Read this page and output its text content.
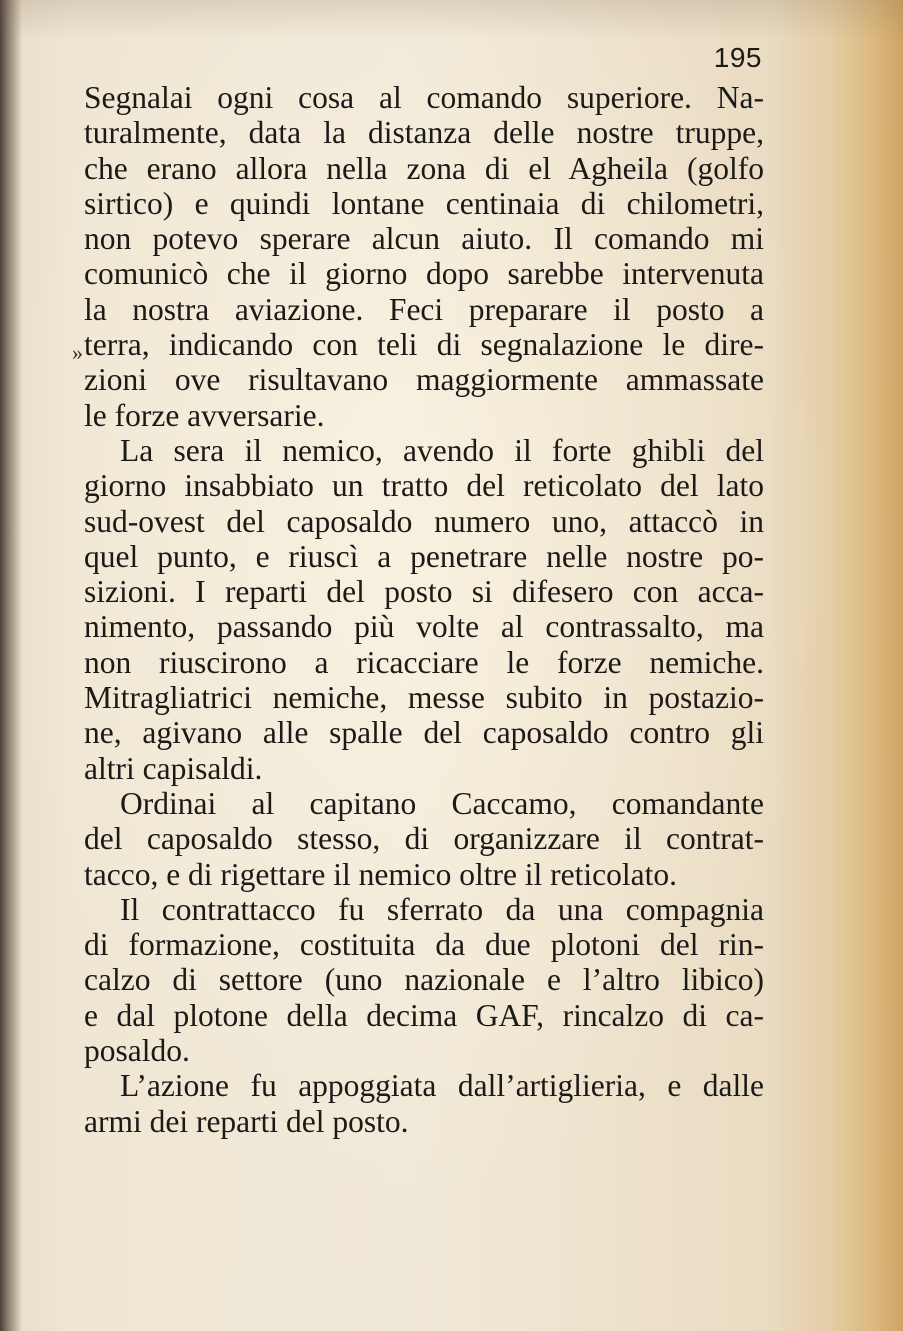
195
»
Segnalai ogni cosa al comando superiore. Na-
turalmente, data la distanza delle nostre truppe,
che erano allora nella zona di el Agheila (golfo
sirtico) e quindi lontane centinaia di chilometri,
non potevo sperare alcun aiuto. Il comando mi
comunicò che il giorno dopo sarebbe intervenuta
la nostra aviazione. Feci preparare il posto a
terra, indicando con teli di segnalazione le dire-
zioni ove risultavano maggiormente ammassate
le forze avversarie.
La sera il nemico, avendo il forte ghibli del
giorno insabbiato un tratto del reticolato del lato
sud-ovest del caposaldo numero uno, attaccò in
quel punto, e riuscì a penetrare nelle nostre po-
sizioni. I reparti del posto si difesero con acca-
nimento, passando più volte al contrassalto, ma
non riuscirono a ricacciare le forze nemiche.
Mitragliatrici nemiche, messe subito in postazio-
ne, agivano alle spalle del caposaldo contro gli
altri capisaldi.
Ordinai al capitano Caccamo, comandante
del caposaldo stesso, di organizzare il contrat-
tacco, e di rigettare il nemico oltre il reticolato.
Il contrattacco fu sferrato da una compagnia
di formazione, costituita da due plotoni del rin-
calzo di settore (uno nazionale e l’altro libico)
e dal plotone della decima GAF, rincalzo di ca-
posaldo.
L’azione fu appoggiata dall’artiglieria, e dalle
armi dei reparti del posto.
